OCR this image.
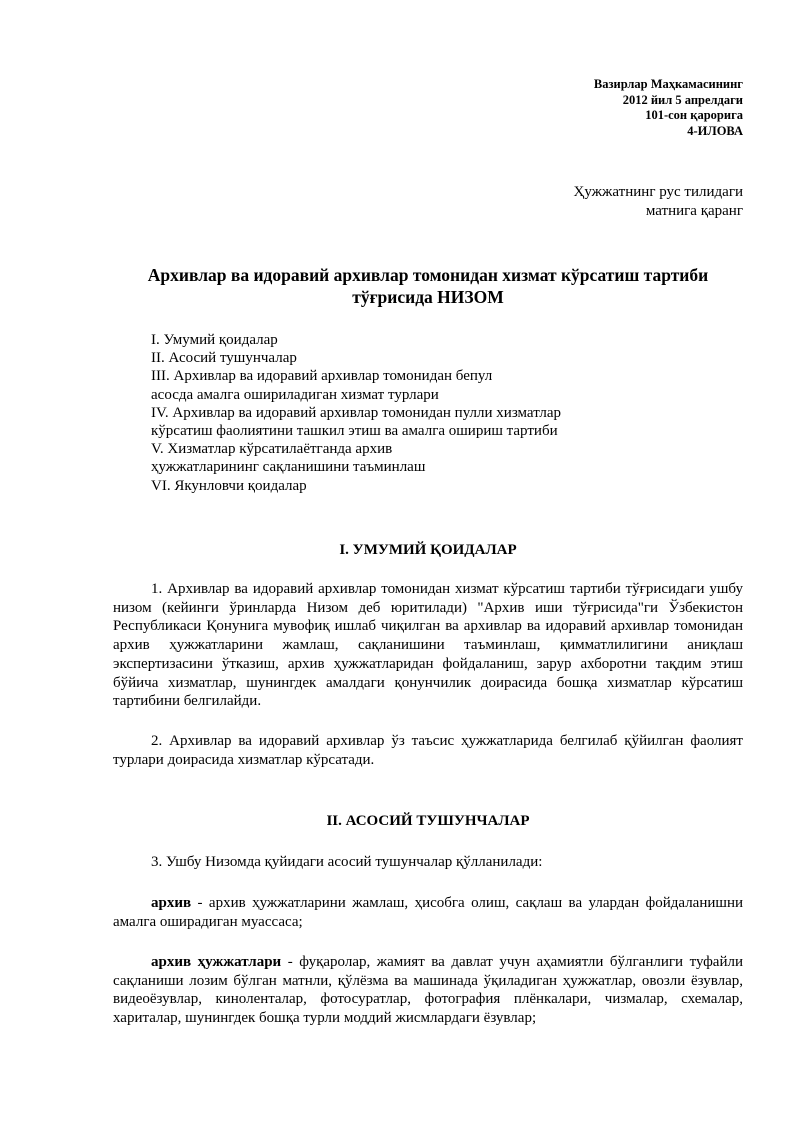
Вазирлар Маҳкамасининг
2012 йил 5 апрелдаги
101-сон қарорига
4-ИЛОВА
Ҳужжатнинг рус тилидаги
матнига қаранг
Архивлар ва идоравий архивлар томонидан хизмат кўрсатиш тартиби
тўғрисида НИЗОМ
I. Умумий қоидалар
II. Асосий тушунчалар
III. Архивлар ва идоравий архивлар томонидан бепул
асосда амалга ошириладиган хизмат турлари
IV. Архивлар ва идоравий архивлар томонидан пулли хизматлар
кўрсатиш фаолиятини ташкил этиш ва амалга ошириш тартиби
V. Хизматлар кўрсатилаётганда архив
ҳужжатларининг сақланишини таъминлаш
VI. Якунловчи қоидалар
I. УМУМИЙ ҚОИДАЛАР
1. Архивлар ва идоравий архивлар томонидан хизмат кўрсатиш тартиби тўғрисидаги ушбу низом (кейинги ўринларда Низом деб юритилади) "Архив иши тўғрисида"ги Ўзбекистон Республикаси Қонунига мувофиқ ишлаб чиқилган ва архивлар ва идоравий архивлар томонидан архив ҳужжатларини жамлаш, сақланишини таъминлаш, қимматлилигини аниқлаш экспертизасини ўтказиш, архив ҳужжатларидан фойдаланиш, зарур ахборотни тақдим этиш бўйича хизматлар, шунингдек амалдаги қонунчилик доирасида бошқа хизматлар кўрсатиш тартибини белгилайди.
2. Архивлар ва идоравий архивлар ўз таъсис ҳужжатларида белгилаб қўйилган фаолият турлари доирасида хизматлар кўрсатади.
II. АСОСИЙ ТУШУНЧАЛАР
3. Ушбу Низомда қуйидаги асосий тушунчалар қўлланилади:
архив - архив ҳужжатларини жамлаш, ҳисобга олиш, сақлаш ва улардан фойдаланишни амалга оширадиган муассаса;
архив ҳужжатлари - фуқаролар, жамият ва давлат учун аҳамиятли бўлганлиги туфайли сақланиши лозим бўлган матнли, қўлёзма ва машинада ўқиладиган ҳужжатлар, овозли ёзувлар, видеоёзувлар, кинолентaлар, фотосуратлар, фотография плёнкалари, чизмалар, схемалар, хариталар, шунингдек бошқа турли моддий жисмлардаги ёзувлар;
